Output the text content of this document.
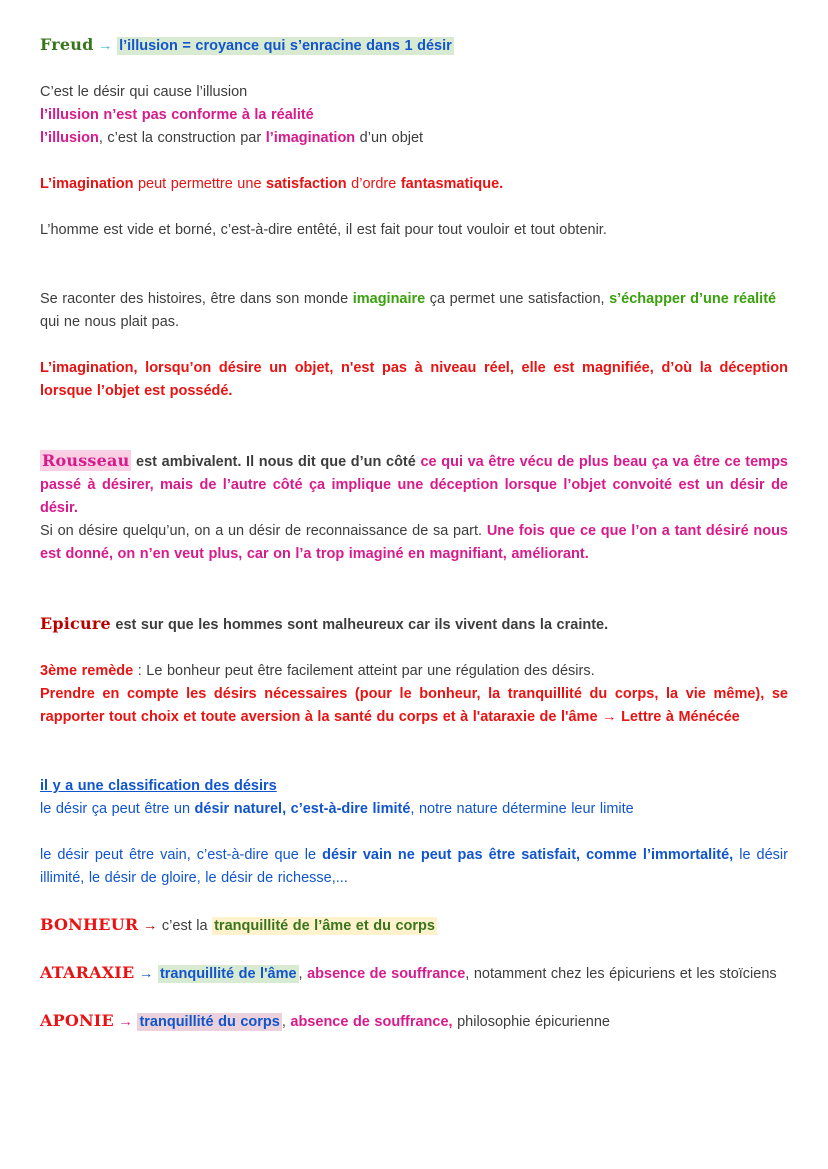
Freud → l’illusion = croyance qui s’enracine dans 1 désir

C’est le désir qui cause l’illusion

l’illusion n’est pas conforme à la réalité

l’illusion, c’est la construction par l’imagination d’un objet

L’imagination peut permettre une satisfaction d’ordre fantasmatique.

L’homme est vide et borné, c’est-à-dire entêté, il est fait pour tout vouloir et tout obtenir.

Se raconter des histoires, être dans son monde imaginaire ça permet une satisfaction, s’échapper d’une réalité qui ne nous plait pas.

L’imagination, lorsqu’on désire un objet, n'est pas à niveau réel, elle est magnifiée, d’où la déception lorsque l’objet est possédé.

Rousseau est ambivalent. Il nous dit que d’un côté ce qui va être vécu de plus beau ça va être ce temps passé à désirer, mais de l’autre côté ça implique une déception lorsque l’objet convoité est un désir de désir.

Si on désire quelqu’un, on a un désir de reconnaissance de sa part. Une fois que ce que l’on a tant désiré nous est donné, on n’en veut plus, car on l’a trop imaginé en magnifiant, améliorant.

Epicure est sur que les hommes sont malheureux car ils vivent dans la crainte.

3ème remède : Le bonheur peut être facilement atteint par une régulation des désirs.

Prendre en compte les désirs nécessaires (pour le bonheur, la tranquillité du corps, la vie même), se rapporter tout choix et toute aversion à la santé du corps et à l'ataraxie de l'âme → Lettre à Ménécée

il y a une classification des désirs

le désir ça peut être un désir naturel, c’est-à-dire limité, notre nature détermine leur limite

le désir peut être vain, c’est-à-dire que le désir vain ne peut pas être satisfait, comme l’immortalité, le désir illimité, le désir de gloire, le désir de richesse,...

BONHEUR → c’est la tranquillité de l’âme et du corps

ATARAXIE → tranquillité de l'âme , absence de souffrance, notamment chez les épicuriens et les stoïciens

APONIE → tranquillité du corps , absence de souffrance, philosophie épicurienne
